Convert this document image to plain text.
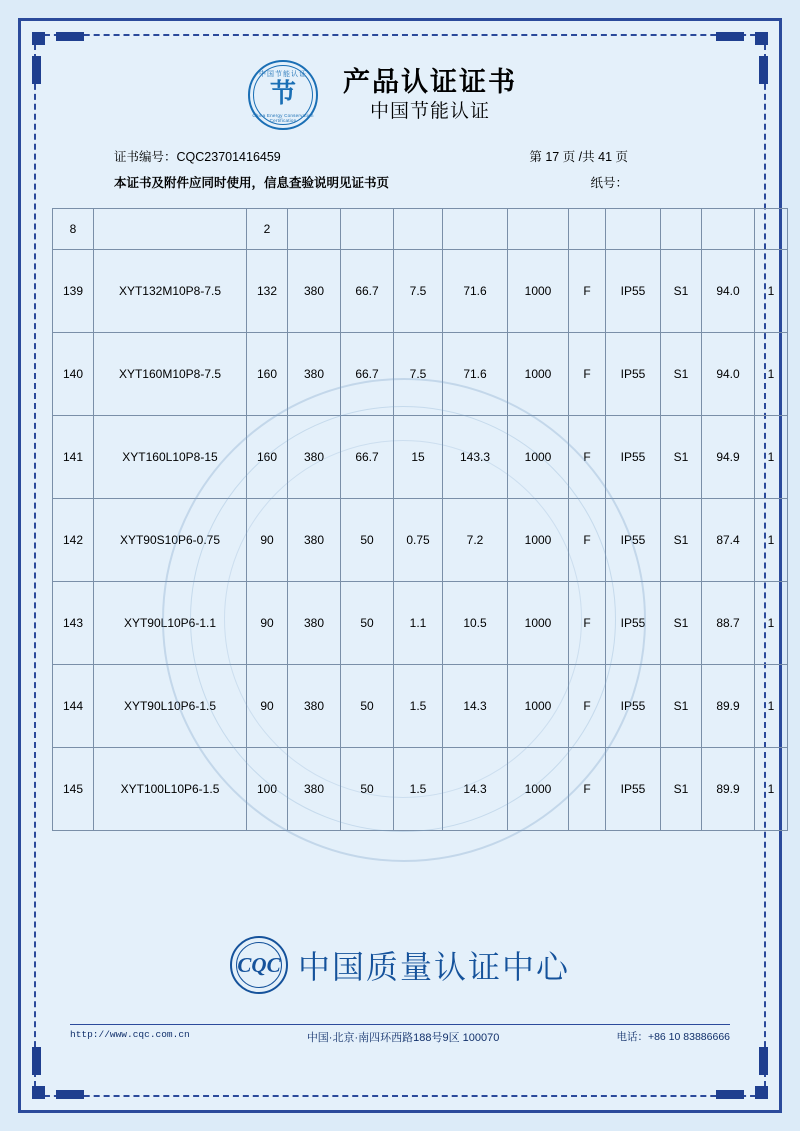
中国节能认证
节
China Energy Conservation Certification
产品认证证书
中国节能认证
证书编号：CQC23701416459	第 17 页 /共 41 页
本证书及附件应同时使用，信息查验说明见证书页	纸号：
8		2										
139	XYT132M10P8-7.5	132	380	66.7	7.5	71.6	1000	F	IP55	S1	94.0	1
140	XYT160M10P8-7.5	160	380	66.7	7.5	71.6	1000	F	IP55	S1	94.0	1
141	XYT160L10P8-15	160	380	66.7	15	143.3	1000	F	IP55	S1	94.9	1
142	XYT90S10P6-0.75	90	380	50	0.75	7.2	1000	F	IP55	S1	87.4	1
143	XYT90L10P6-1.1	90	380	50	1.1	10.5	1000	F	IP55	S1	88.7	1
144	XYT90L10P6-1.5	90	380	50	1.5	14.3	1000	F	IP55	S1	89.9	1
145	XYT100L10P6-1.5	100	380	50	1.5	14.3	1000	F	IP55	S1	89.9	1
CQC 中国质量认证中心
http://www.cqc.com.cn	中国·北京·南四环西路188号9区 100070	电话：+86 10 83886666
